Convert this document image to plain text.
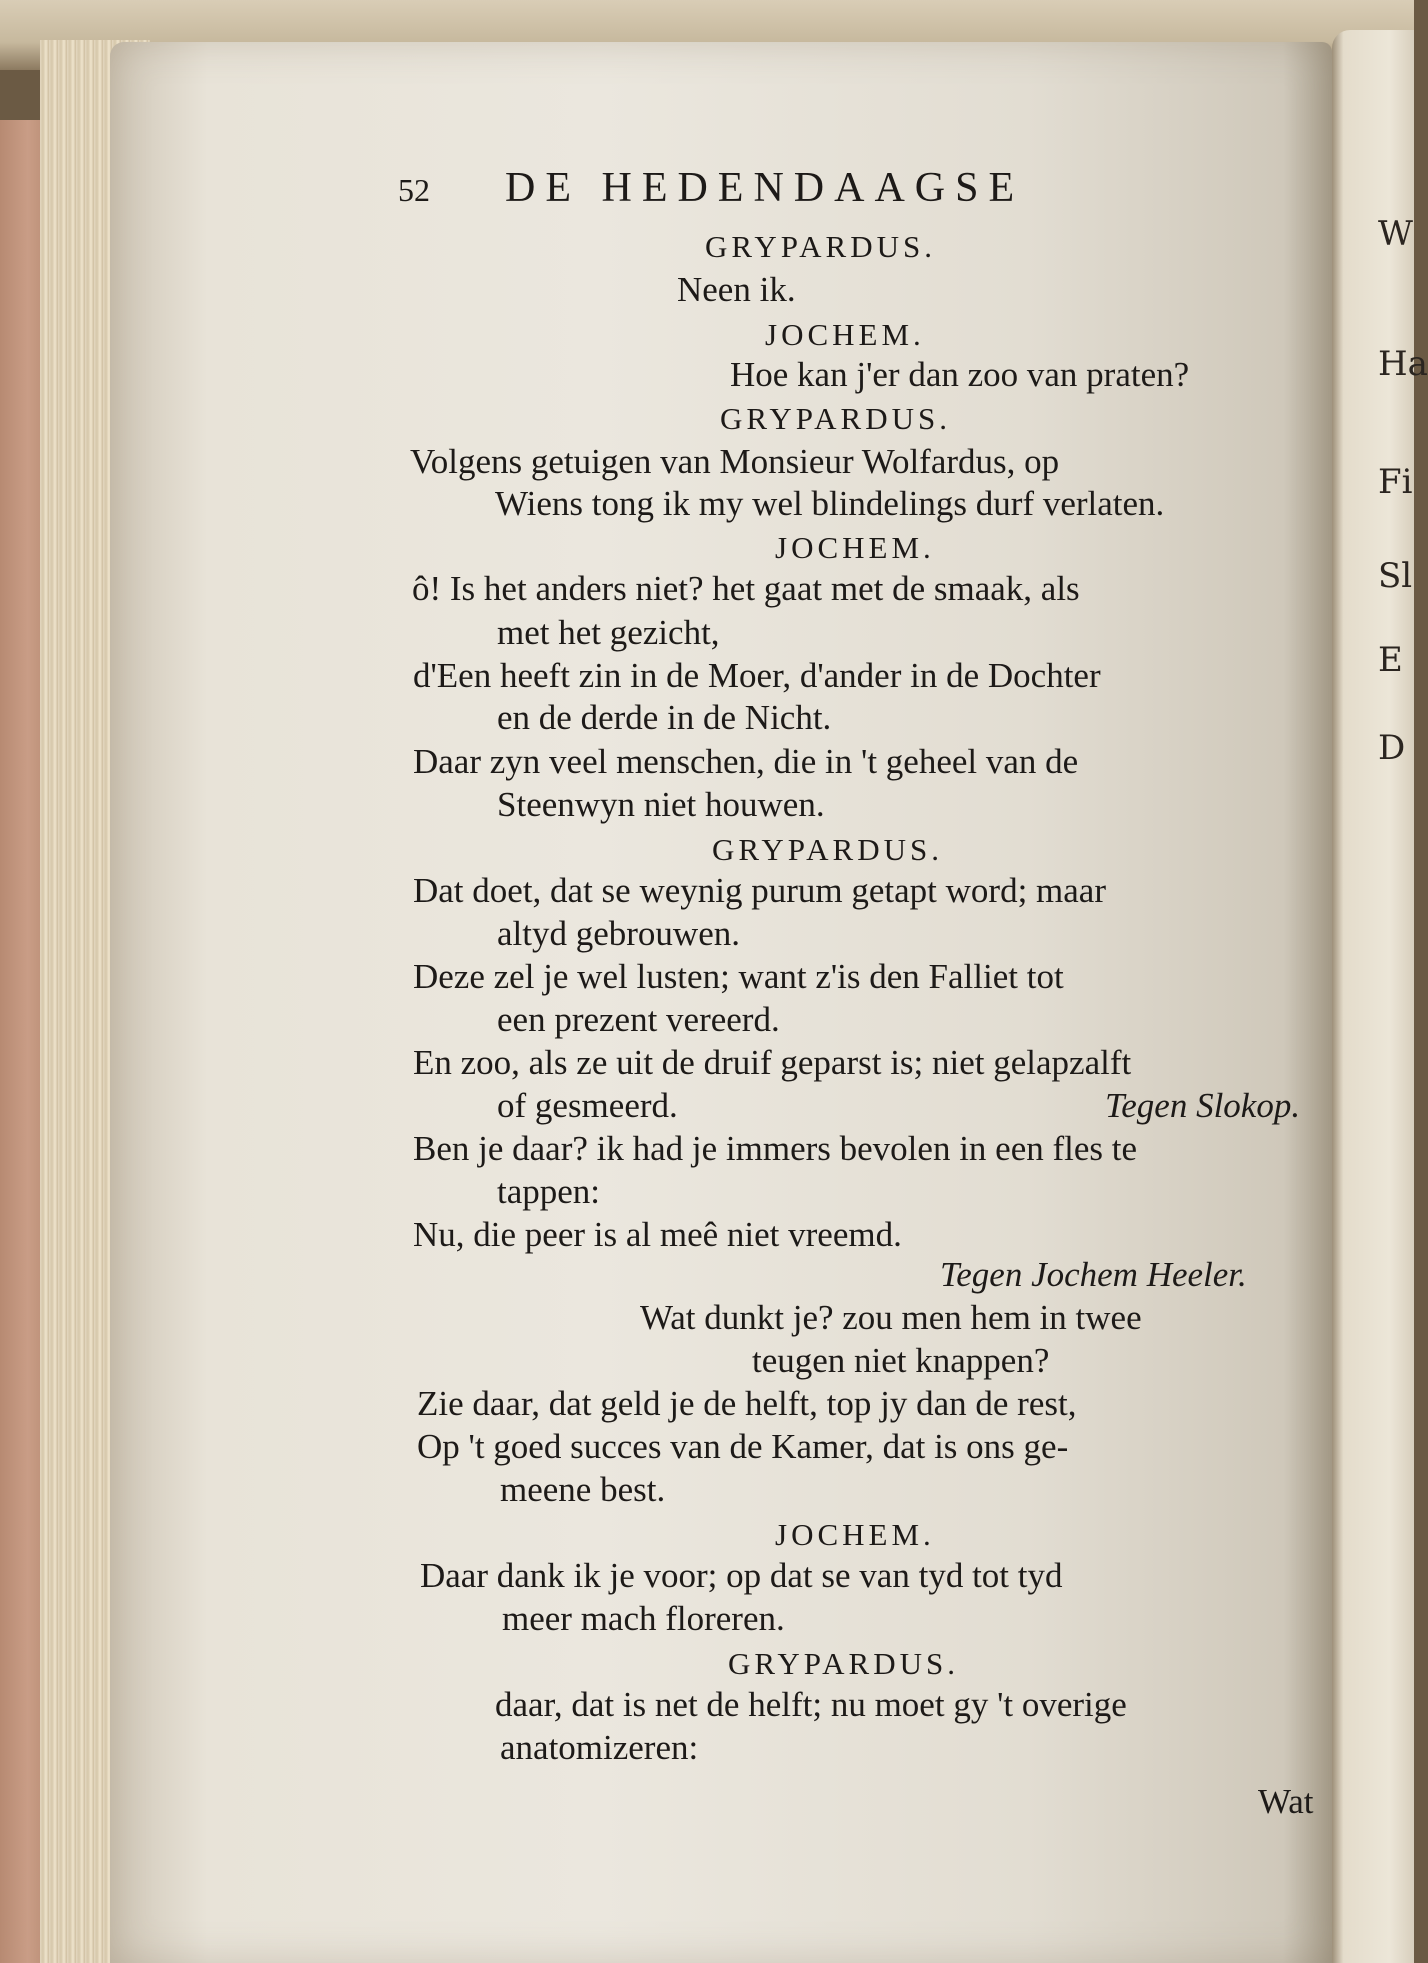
W
Ha
Fi
Sl
E
D
52 DE HEDENDAAGSE
GRYPARDUS.
Neen ik.
JOCHEM.
Hoe kan j'er dan zoo van praten?
GRYPARDUS.
Volgens getuigen van Monsieur Wolfardus, op
Wiens tong ik my wel blindelings durf verlaten.
JOCHEM.
ô! Is het anders niet? het gaat met de smaak, als
met het gezicht,
d'Een heeft zin in de Moer, d'ander in de Dochter
en de derde in de Nicht.
Daar zyn veel menschen, die in 't geheel van de
Steenwyn niet houwen.
GRYPARDUS.
Dat doet, dat se weynig purum getapt word; maar
altyd gebrouwen.
Deze zel je wel lusten; want z'is den Falliet tot
een prezent vereerd.
En zoo, als ze uit de druif geparst is; niet gelapzalft
of gesmeerd.	Tegen Slokop.
Ben je daar? ik had je immers bevolen in een fles te
tappen:
Nu, die peer is al meê niet vreemd.
Tegen Jochem Heeler.
Wat dunkt je? zou men hem in twee
teugen niet knappen?
Zie daar, dat geld je de helft, top jy dan de rest,
Op 't goed succes van de Kamer, dat is ons ge-
meene best.
JOCHEM.
Daar dank ik je voor; op dat se van tyd tot tyd
meer mach floreren.
GRYPARDUS.
daar, dat is net de helft; nu moet gy 't overige
anatomizeren:
Wat
